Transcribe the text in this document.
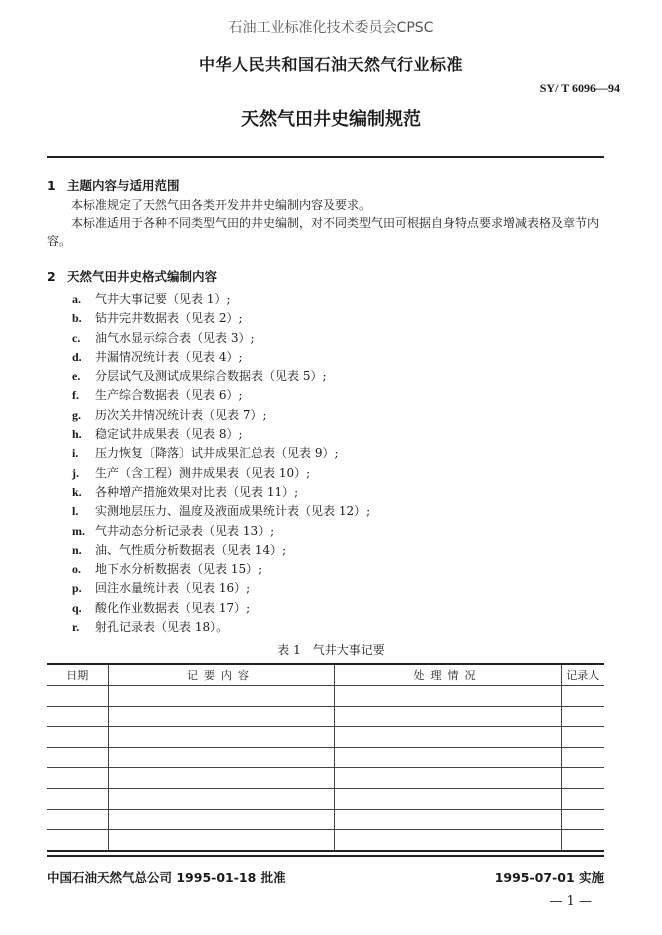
石油工业标准化技术委员会CPSC
中华人民共和国石油天然气行业标准
SY/ T 6096—94
天然气田井史编制规范
1 主题内容与适用范围
本标准规定了天然气田各类开发井井史编制内容及要求。
本标准适用于各种不同类型气田的井史编制，对不同类型气田可根据自身特点要求增减表格及章节内容。
2 天然气田井史格式编制内容
a. 气井大事记要（见表 1）;
b. 钻井完井数据表（见表 2）;
c. 油气水显示综合表（见表 3）;
d. 井漏情况统计表（见表 4）;
e. 分层试气及测试成果综合数据表（见表 5）;
f. 生产综合数据表（见表 6）;
g. 历次关井情况统计表（见表 7）;
h. 稳定试井成果表（见表 8）;
i. 压力恢复〔降落〕试井成果汇总表（见表 9）;
j. 生产（含工程）测井成果表（见表 10）;
k. 各种增产措施效果对比表（见表 11）;
l. 实测地层压力、温度及液面成果统计表（见表 12）;
m. 气井动态分析记录表（见表 13）;
n. 油、气性质分析数据表（见表 14）;
o. 地下水分析数据表（见表 15）;
p. 回注水量统计表（见表 16）;
q. 酸化作业数据表（见表 17）;
r. 射孔记录表（见表 18）。
表 1　气井大事记要
日期	记要内容	处理情况	记录人

中国石油天然气总公司 1995-01-18 批准	1995-07-01 实施
— 1 —
